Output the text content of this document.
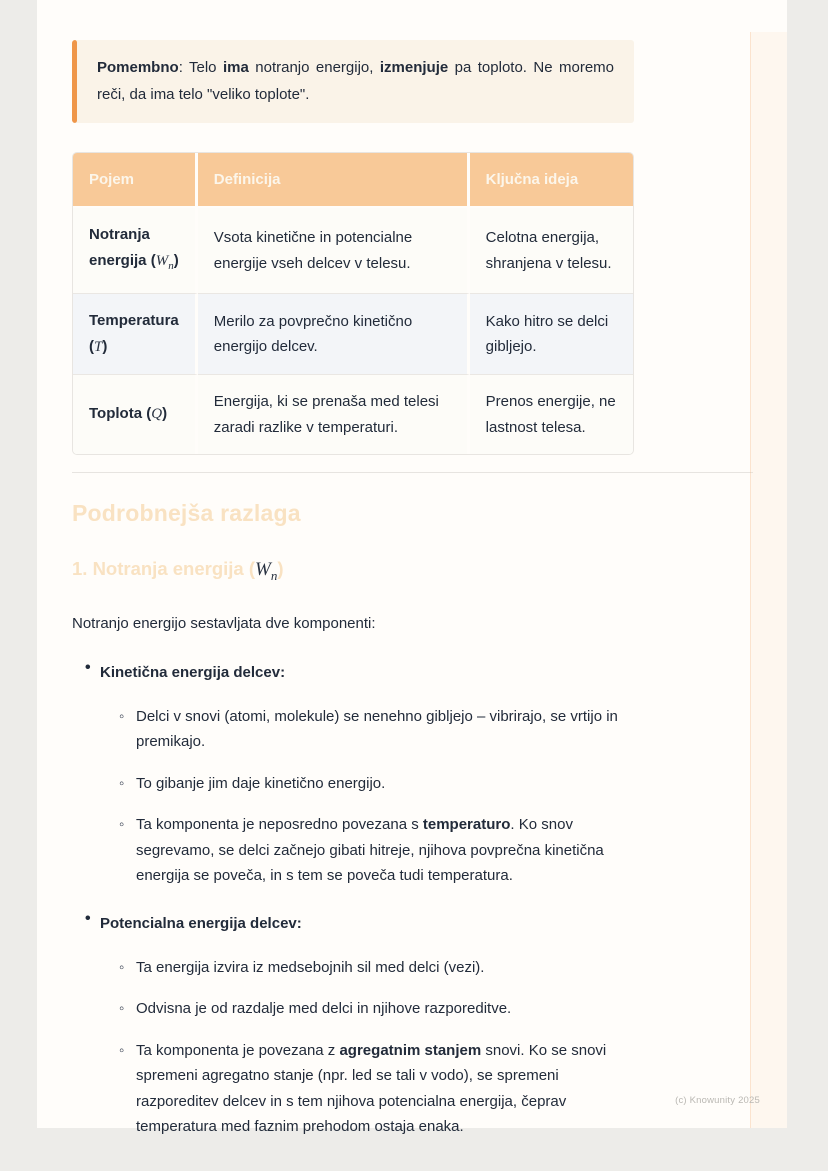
Pomembno: Telo ima notranjo energijo, izmenjuje pa toploto. Ne moremo reči, da ima telo "veliko toplote".

Pojem	Definicija	Ključna ideja
Notranja energija $(W_n)$	Vsota kinetične in potencialne energije vseh delcev v telesu.	Celotna energija, shranjena v telesu.
Temperatura (T)	Merilo za povprečno kinetično energijo delcev.	Kako hitro se delci gibljejo.
Toplota (Q)	Energija, ki se prenaša med telesi zaradi razlike v temperaturi.	Prenos energije, ne lastnost telesa.
Podrobnejša razlaga
1. Notranja energija $(W_n)$

Notranjo energijo sestavljata dve komponenti:

• Kinetična energija delcev:

◦ Delci v snovi (atomi, molekule) se nenehno gibljejo – vibrirajo, se vrtijo in premikajo.
◦ To gibanje jim daje kinetično energijo.
◦ Ta komponenta je neposredno povezana s temperaturo. Ko snov segrevamo, se delci začnejo gibati hitreje, njihova povprečna kinetična energija se poveča, in s tem se poveča tudi temperatura.

• Potencialna energija delcev:

◦ Ta energija izvira iz medsebojnih sil med delci (vezi).
◦ Odvisna je od razdalje med delci in njihove razporeditve.
◦ Ta komponenta je povezana z agregatnim stanjem snovi. Ko se snovi spremeni agregatno stanje (npr. led se tali v vodo), se spremeni razporeditev delcev in s tem njihova potencialna energija, čeprav temperatura med faznim prehodom ostaja enaka.
(c) Knowunity 2025
